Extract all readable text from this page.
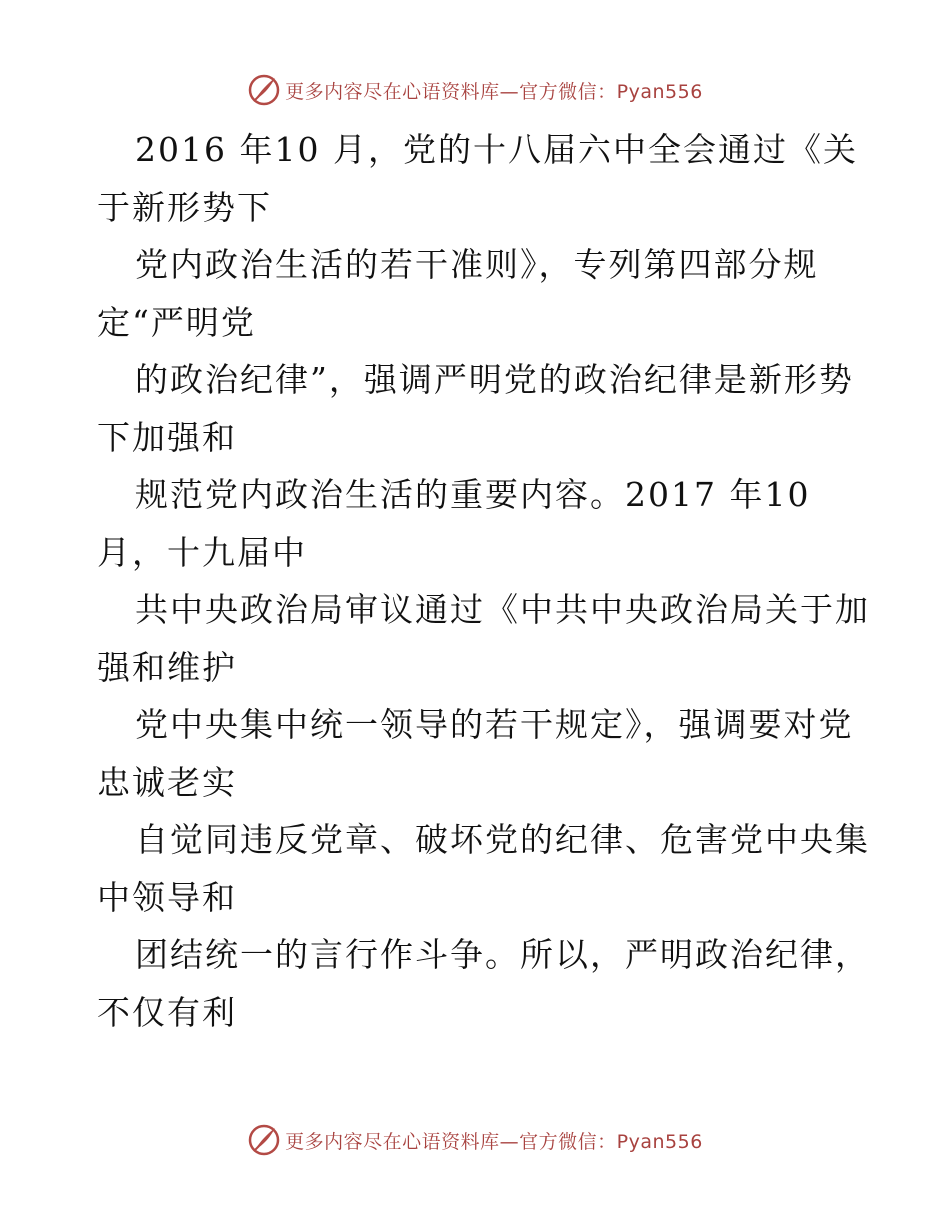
更多内容尽在心语资料库—官方微信：Pyan556
2016 年10 月，党的十八届六中全会通过《关
于新形势下
党内政治生活的若干准则》，专列第四部分规
定“严明党
的政治纪律”，强调严明党的政治纪律是新形势
下加强和
规范党内政治生活的重要内容。2017 年10
月，十九届中
共中央政治局审议通过《中共中央政治局关于加
强和维护
党中央集中统一领导的若干规定》，强调要对党
忠诚老实
自觉同违反党章、破坏党的纪律、危害党中央集
中领导和
团结统一的言行作斗争。所以，严明政治纪律，
不仅有利
更多内容尽在心语资料库—官方微信：Pyan556
